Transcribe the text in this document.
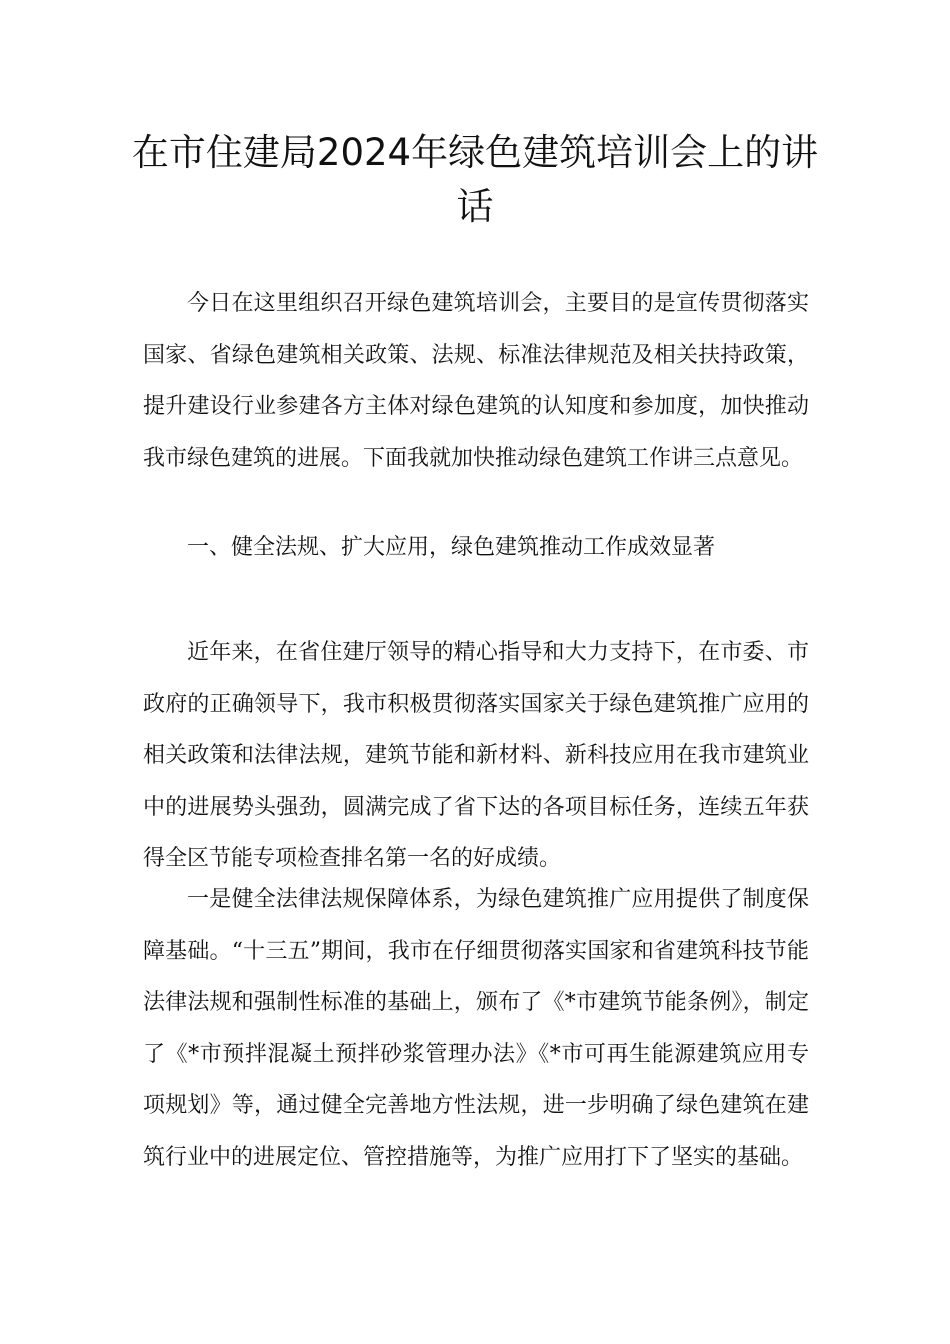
在市住建局2024年绿色建筑培训会上的讲话

今日在这里组织召开绿色建筑培训会，主要目的是宣传贯彻落实国家、省绿色建筑相关政策、法规、标准法律规范及相关扶持政策，提升建设行业参建各方主体对绿色建筑的认知度和参加度，加快推动我市绿色建筑的进展。下面我就加快推动绿色建筑工作讲三点意见。

一、健全法规、扩大应用，绿色建筑推动工作成效显著

近年来，在省住建厅领导的精心指导和大力支持下，在市委、市政府的正确领导下，我市积极贯彻落实国家关于绿色建筑推广应用的相关政策和法律法规，建筑节能和新材料、新科技应用在我市建筑业中的进展势头强劲，圆满完成了省下达的各项目标任务，连续五年获得全区节能专项检查排名第一名的好成绩。

一是健全法律法规保障体系，为绿色建筑推广应用提供了制度保障基础。“十三五”期间，我市在仔细贯彻落实国家和省建筑科技节能法律法规和强制性标准的基础上，颁布了《*市建筑节能条例》，制定了《*市预拌混凝土预拌砂浆管理办法》《*市可再生能源建筑应用专项规划》等，通过健全完善地方性法规，进一步明确了绿色建筑在建筑行业中的进展定位、管控措施等，为推广应用打下了坚实的基础。
